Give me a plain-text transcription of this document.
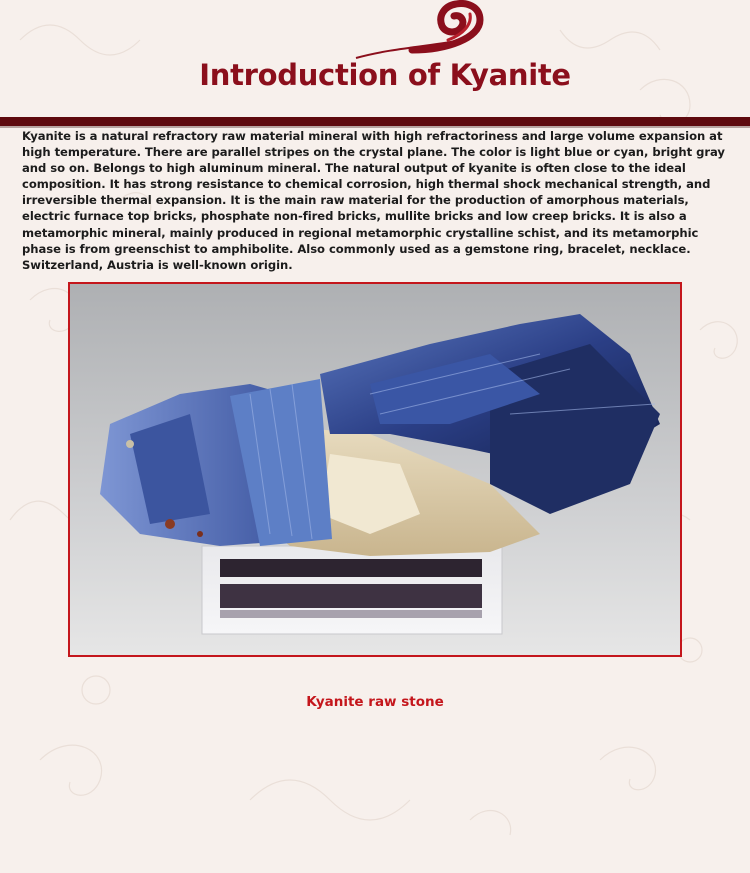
Introduction of Kyanite

Kyanite is a natural refractory raw material mineral with high refractoriness and large volume expansion at high temperature. There are parallel stripes on the crystal plane. The color is light blue or cyan, bright gray and so on. Belongs to high aluminum mineral. The natural output of kyanite is often close to the ideal composition. It has strong resistance to chemical corrosion, high thermal shock mechanical strength, and irreversible thermal expansion. It is the main raw material for the production of amorphous materials, electric furnace top bricks, phosphate non-fired bricks, mullite bricks and low creep bricks. It is also a metamorphic mineral, mainly produced in regional metamorphic crystalline schist, and its metamorphic phase is from greenschist to amphibolite. Also commonly used as a gemstone ring, bracelet, necklace. Switzerland, Austria is well-known origin.

Kyanite raw stone
